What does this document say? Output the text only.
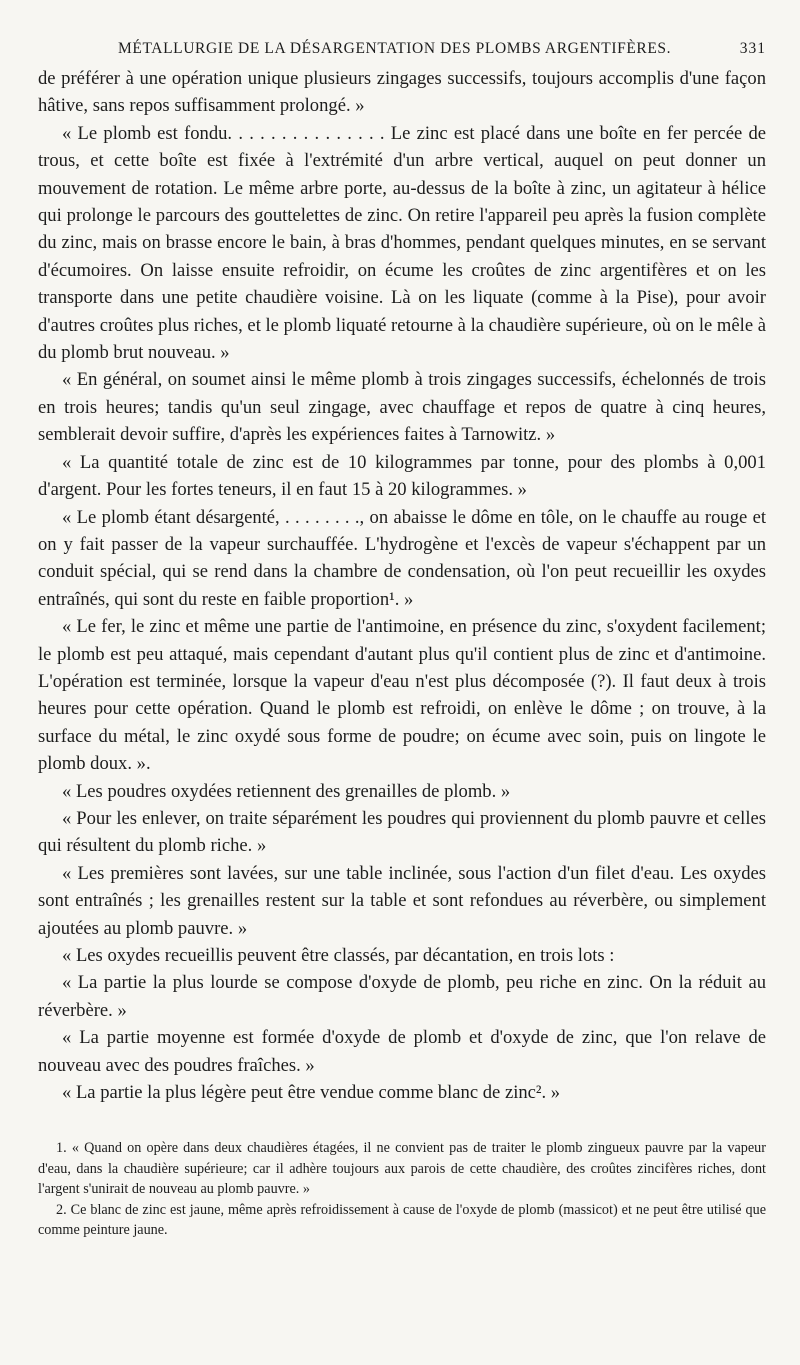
MÉTALLURGIE DE LA DÉSARGENTATION DES PLOMBS ARGENTIFÈRES.	331

de préférer à une opération unique plusieurs zingages successifs, toujours accomplis d'une façon hâtive, sans repos suffisamment prolongé. »

« Le plomb est fondu. . . . . . . . . . . . . . . Le zinc est placé dans une boîte en fer percée de trous, et cette boîte est fixée à l'extrémité d'un arbre vertical, auquel on peut donner un mouvement de rotation. Le même arbre porte, au-dessus de la boîte à zinc, un agitateur à hélice qui prolonge le parcours des gouttelettes de zinc. On retire l'appareil peu après la fusion complète du zinc, mais on brasse encore le bain, à bras d'hommes, pendant quelques minutes, en se servant d'écumoires. On laisse ensuite refroidir, on écume les croûtes de zinc argentifères et on les transporte dans une petite chaudière voisine. Là on les liquate (comme à la Pise), pour avoir d'autres croûtes plus riches, et le plomb liquaté retourne à la chaudière supérieure, où on le mêle à du plomb brut nouveau. »

« En général, on soumet ainsi le même plomb à trois zingages successifs, échelonnés de trois en trois heures; tandis qu'un seul zingage, avec chauffage et repos de quatre à cinq heures, semblerait devoir suffire, d'après les expériences faites à Tarnowitz. »

« La quantité totale de zinc est de 10 kilogrammes par tonne, pour des plombs à 0,001 d'argent. Pour les fortes teneurs, il en faut 15 à 20 kilogrammes. »

« Le plomb étant désargenté, . . . . . . . ., on abaisse le dôme en tôle, on le chauffe au rouge et on y fait passer de la vapeur surchauffée. L'hydrogène et l'excès de vapeur s'échappent par un conduit spécial, qui se rend dans la chambre de condensation, où l'on peut recueillir les oxydes entraînés, qui sont du reste en faible proportion¹. »

« Le fer, le zinc et même une partie de l'antimoine, en présence du zinc, s'oxydent facilement; le plomb est peu attaqué, mais cependant d'autant plus qu'il contient plus de zinc et d'antimoine. L'opération est terminée, lorsque la vapeur d'eau n'est plus décomposée (?). Il faut deux à trois heures pour cette opération. Quand le plomb est refroidi, on enlève le dôme ; on trouve, à la surface du métal, le zinc oxydé sous forme de poudre; on écume avec soin, puis on lingote le plomb doux. ».

« Les poudres oxydées retiennent des grenailles de plomb. »

« Pour les enlever, on traite séparément les poudres qui proviennent du plomb pauvre et celles qui résultent du plomb riche. »

« Les premières sont lavées, sur une table inclinée, sous l'action d'un filet d'eau. Les oxydes sont entraînés ; les grenailles restent sur la table et sont refondues au réverbère, ou simplement ajoutées au plomb pauvre. »

« Les oxydes recueillis peuvent être classés, par décantation, en trois lots :

« La partie la plus lourde se compose d'oxyde de plomb, peu riche en zinc. On la réduit au réverbère. »

« La partie moyenne est formée d'oxyde de plomb et d'oxyde de zinc, que l'on relave de nouveau avec des poudres fraîches. »

« La partie la plus légère peut être vendue comme blanc de zinc². »

1. « Quand on opère dans deux chaudières étagées, il ne convient pas de traiter le plomb zingueux pauvre par la vapeur d'eau, dans la chaudière supérieure; car il adhère toujours aux parois de cette chaudière, des croûtes zincifères riches, dont l'argent s'unirait de nouveau au plomb pauvre. »

2. Ce blanc de zinc est jaune, même après refroidissement à cause de l'oxyde de plomb (massicot) et ne peut être utilisé que comme peinture jaune.
